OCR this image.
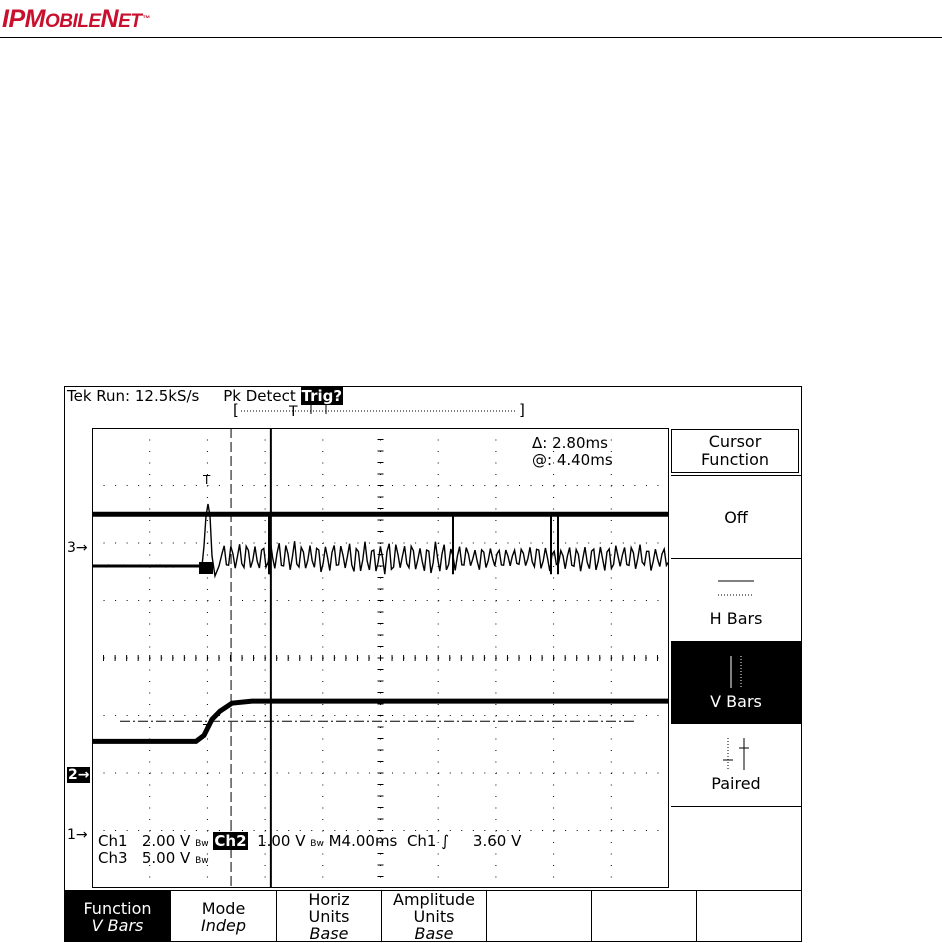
IPMOBILENET™
Tek Run: 12.5kS/s Pk Detect Trig?
[	T	]
3→
2→
1→
T
T
Δ: 2.80ms
@: 4.40ms
Ch1 2.00 V Bw Ch2 1.00 V Bw M4.00ms Ch1 ∫ 3.60 V
Ch3 5.00 V Bw
Cursor
Function
Off
H Bars
V Bars
Paired
Function
V Bars
Mode
Indep
Horiz
Units
Base
Amplitude
Units
Base
